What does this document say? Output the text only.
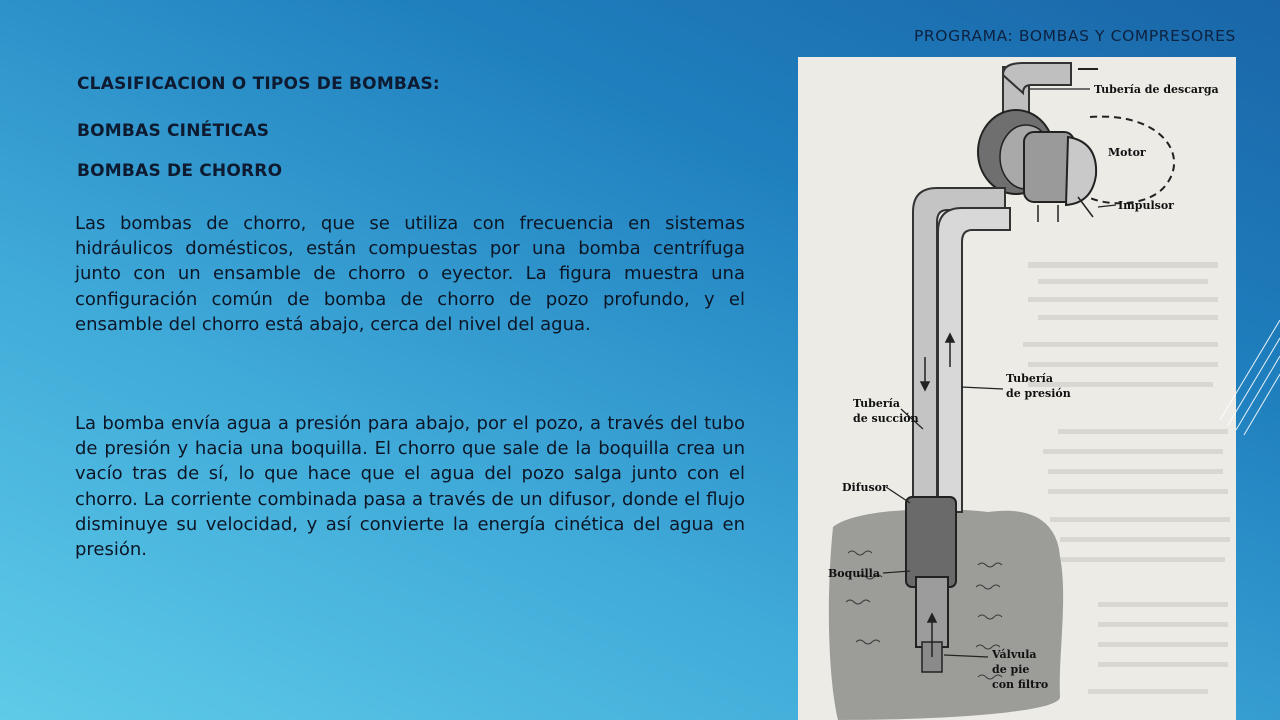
PROGRAMA: BOMBAS Y COMPRESORES
CLASIFICACION O TIPOS DE BOMBAS:
BOMBAS CINÉTICAS
BOMBAS DE CHORRO

Las bombas de chorro, que se utiliza con frecuencia en sistemas hidráulicos domésticos, están compuestas por una bomba centrífuga junto con un ensamble de chorro o eyector. La figura muestra una configuración común de bomba de chorro de pozo profundo, y el ensamble del chorro está abajo, cerca del nivel del agua.

La bomba envía agua a presión para abajo, por el pozo, a través del tubo de presión y hacia una boquilla. El chorro que sale de la boquilla crea un vacío tras de sí, lo que hace que el agua del pozo salga junto con el chorro. La corriente combinada pasa a través de un difusor, donde el flujo disminuye su velocidad, y así convierte la energía cinética del agua en presión.

Tubería de descarga
Motor
Impulsor
Tubería
de presión
Tubería
de succión
Difusor
Boquilla
Válvula
de pie
con filtro
